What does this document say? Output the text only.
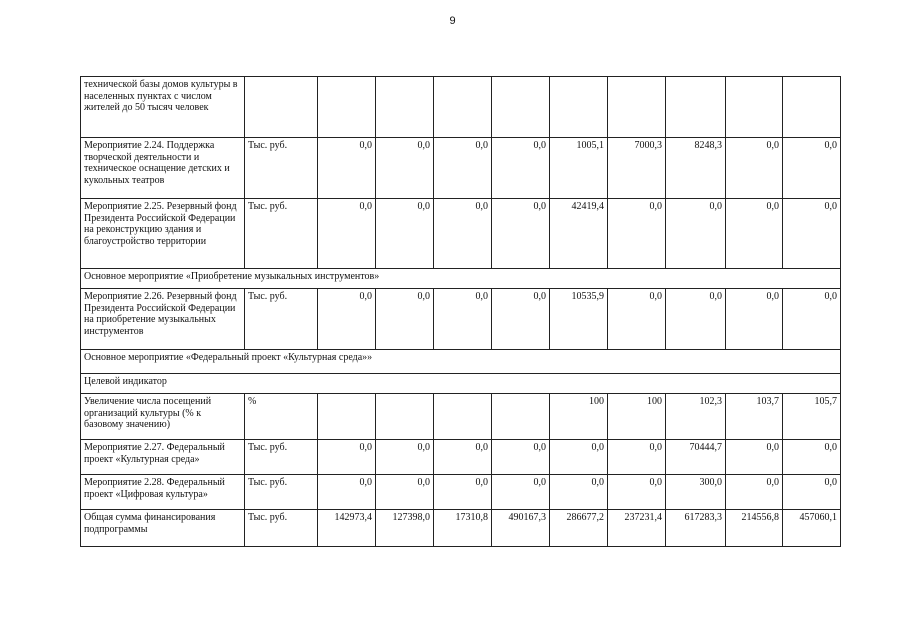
9
технической базы домов культуры в населенных пунктах с числом жителей до 50 тысяч человек										
Мероприятие 2.24. Поддержка творческой деятельности и техническое оснащение детских и кукольных театров	Тыс. руб.	0,0	0,0	0,0	0,0	1005,1	7000,3	8248,3	0,0	0,0
Мероприятие 2.25. Резервный фонд Президента Российской Федерации на реконструкцию здания и благоустройство территории	Тыс. руб.	0,0	0,0	0,0	0,0	42419,4	0,0	0,0	0,0	0,0
Основное мероприятие «Приобретение музыкальных инструментов»										
Мероприятие 2.26. Резервный фонд Президента Российской Федерации на приобретение музыкальных инструментов	Тыс. руб.	0,0	0,0	0,0	0,0	10535,9	0,0	0,0	0,0	0,0
Основное мероприятие «Федеральный проект «Культурная среда»»										
Целевой индикатор										
Увеличение числа посещений организаций культуры (% к базовому значению)	%					100	100	102,3	103,7	105,7
Мероприятие 2.27. Федеральный проект «Культурная среда»	Тыс. руб.	0,0	0,0	0,0	0,0	0,0	0,0	70444,7	0,0	0,0
Мероприятие 2.28. Федеральный проект «Цифровая культура»	Тыс. руб.	0,0	0,0	0,0	0,0	0,0	0,0	300,0	0,0	0,0
Общая сумма финансирования подпрограммы	Тыс. руб.	142973,4	127398,0	17310,8	490167,3	286677,2	237231,4	617283,3	214556,8	457060,1
